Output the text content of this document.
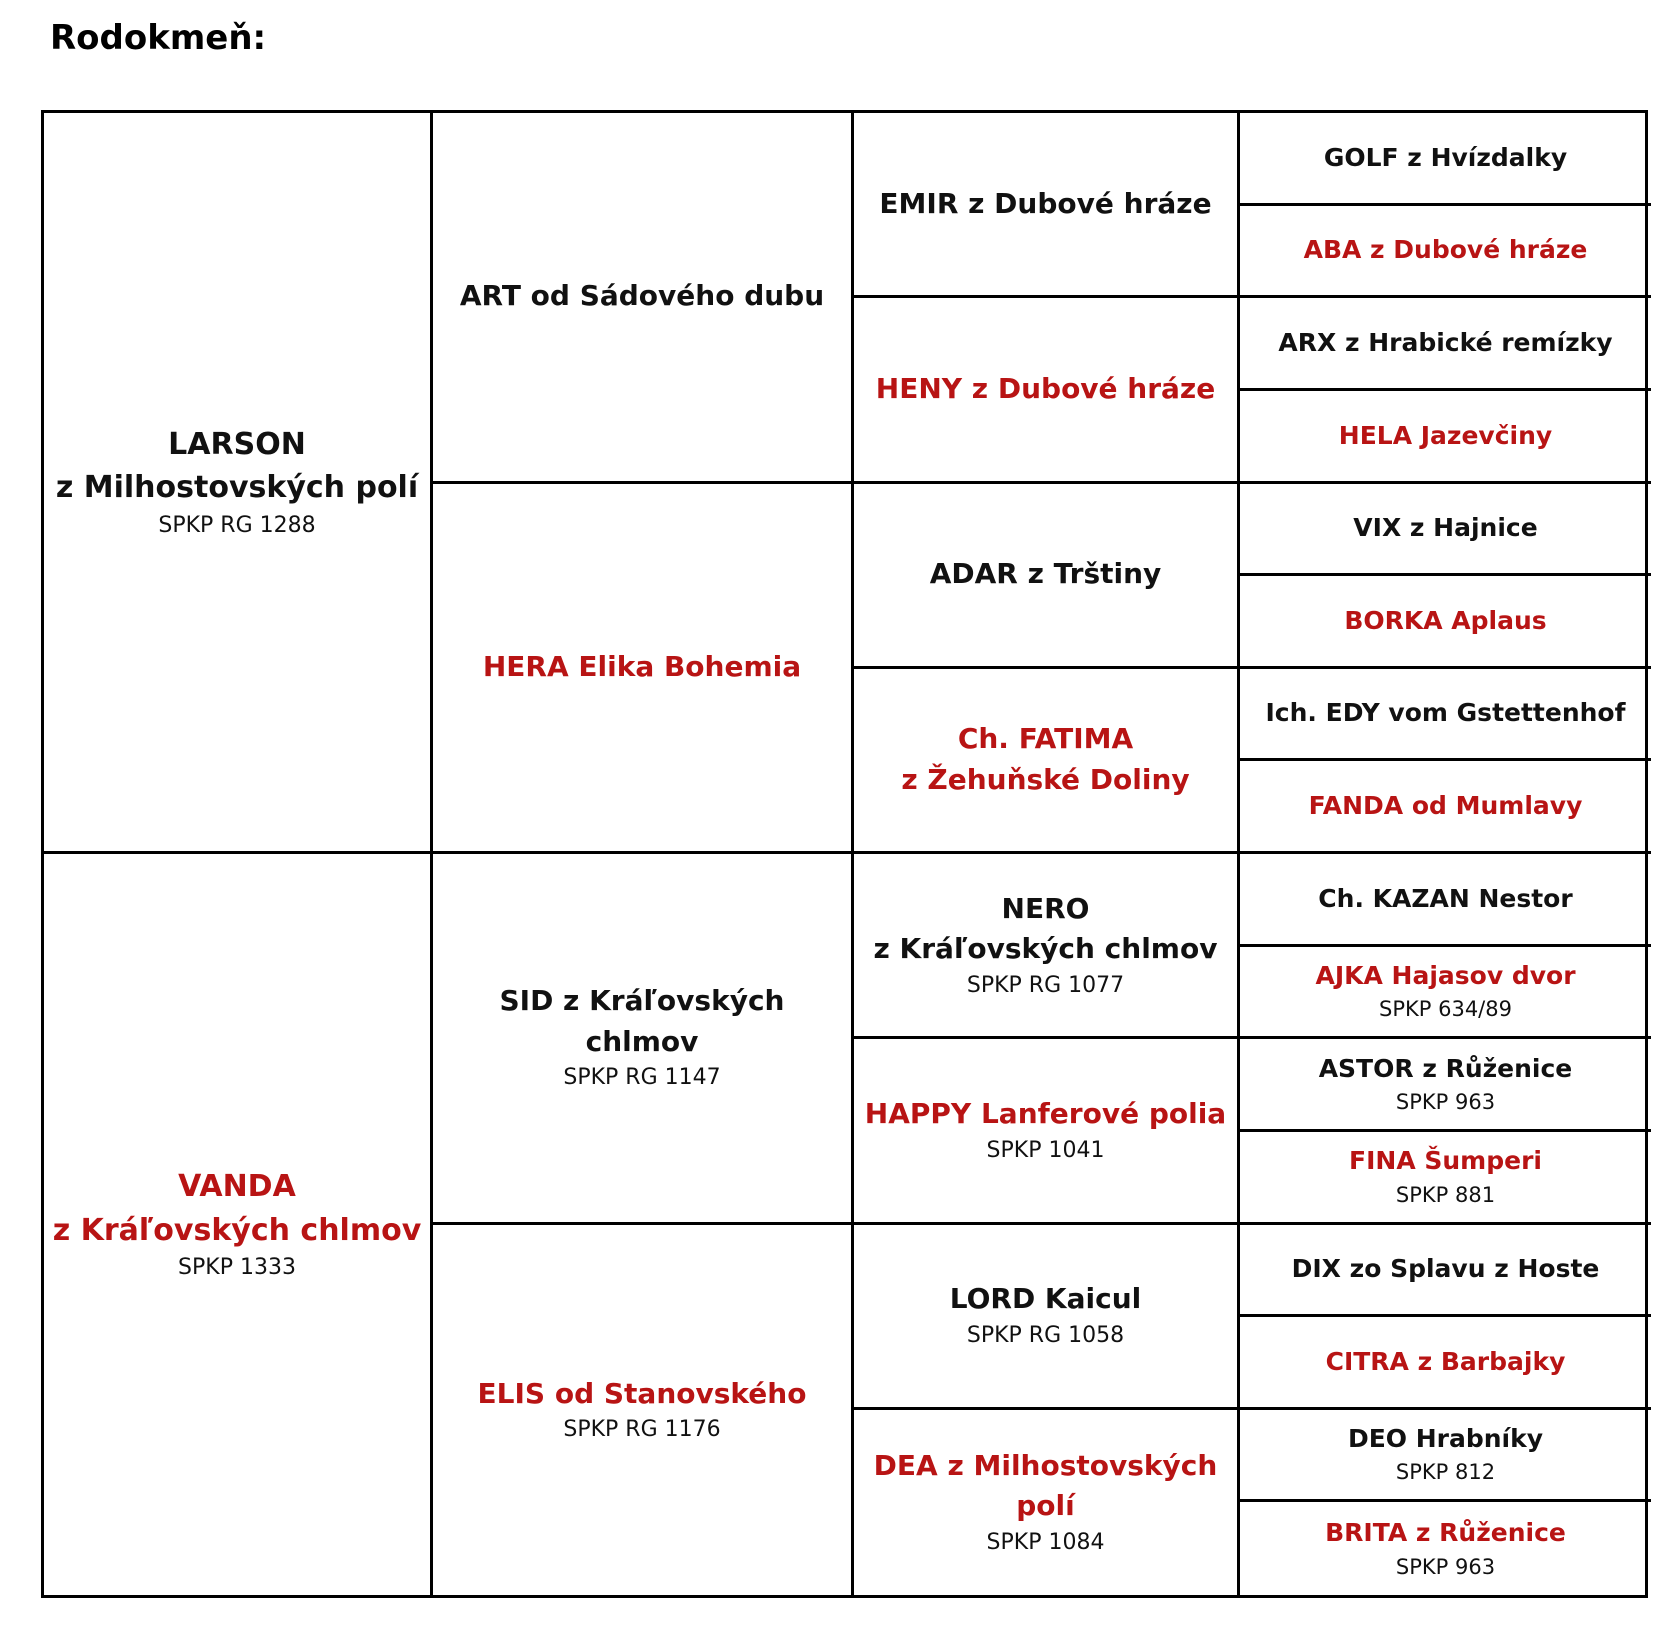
Rodokmeň:
LARSON
z Milhostovských polí
SPKP RG 1288
VANDA
z Kráľovských chlmov
SPKP 1333
ART od Sádového dubu
HERA Elika Bohemia
SID z Kráľovských chlmov
SPKP RG 1147
ELIS od Stanovského
SPKP RG 1176
EMIR z Dubové hráze
HENY z Dubové hráze
ADAR z Trštiny
Ch. FATIMA
z Žehuňské Doliny
NERO
z Kráľovských chlmov
SPKP RG 1077
HAPPY Lanferové polia
SPKP 1041
LORD Kaicul
SPKP RG 1058
DEA z Milhostovských polí
SPKP 1084
GOLF z Hvízdalky
ABA z Dubové hráze
ARX z Hrabické remízky
HELA Jazevčiny
VIX z Hajnice
BORKA Aplaus
Ich. EDY vom Gstettenhof
FANDA od Mumlavy
Ch. KAZAN Nestor
AJKA Hajasov dvor
SPKP 634/89
ASTOR z Růženice
SPKP 963
FINA Šumperi
SPKP 881
DIX zo Splavu z Hoste
CITRA z Barbajky
DEO Hrabníky
SPKP 812
BRITA z Růženice
SPKP 963
